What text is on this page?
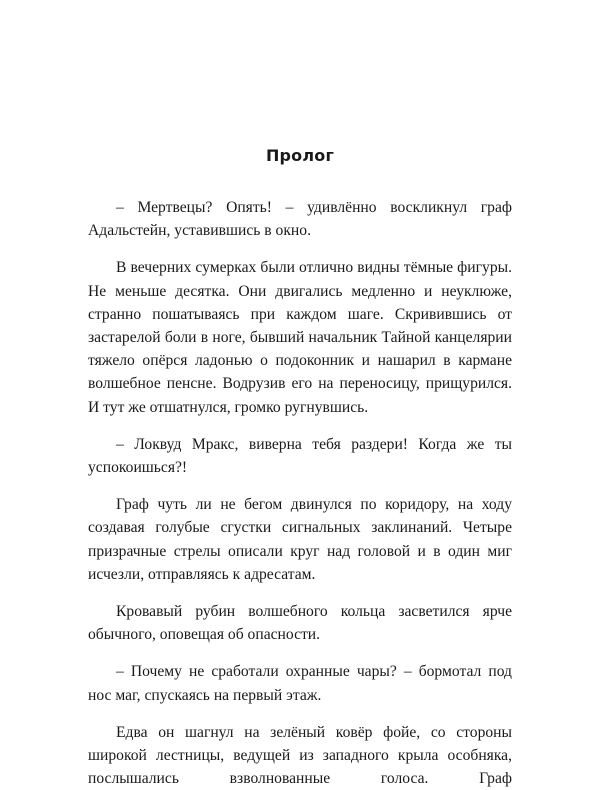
Пролог

– Мертвецы? Опять! – удивлённо воскликнул граф Адальстейн, уставившись в окно.

В вечерних сумерках были отлично видны тёмные фигуры. Не меньше десятка. Они двигались медленно и неуклюже, странно пошатываясь при каждом шаге. Скривившись от застарелой боли в ноге, бывший начальник Тайной канцелярии тяжело опёрся ладонью о подоконник и нашарил в кармане волшебное пенсне. Водрузив его на переносицу, прищурился. И тут же отшатнулся, громко ругнувшись.

– Локвуд Мракс, виверна тебя раздери! Когда же ты успокоишься?!

Граф чуть ли не бегом двинулся по коридору, на ходу создавая голубые сгустки сигнальных заклинаний. Четыре призрачные стрелы описали круг над головой и в один миг исчезли, отправляясь к адресатам.

Кровавый рубин волшебного кольца засветился ярче обычного, оповещая об опасности.

– Почему не сработали охранные чары? – бормотал под нос маг, спускаясь на первый этаж.

Едва он шагнул на зелёный ковёр фойе, со стороны широкой лестницы, ведущей из западного крыла особняка, послышались взволнованные голоса. Граф
